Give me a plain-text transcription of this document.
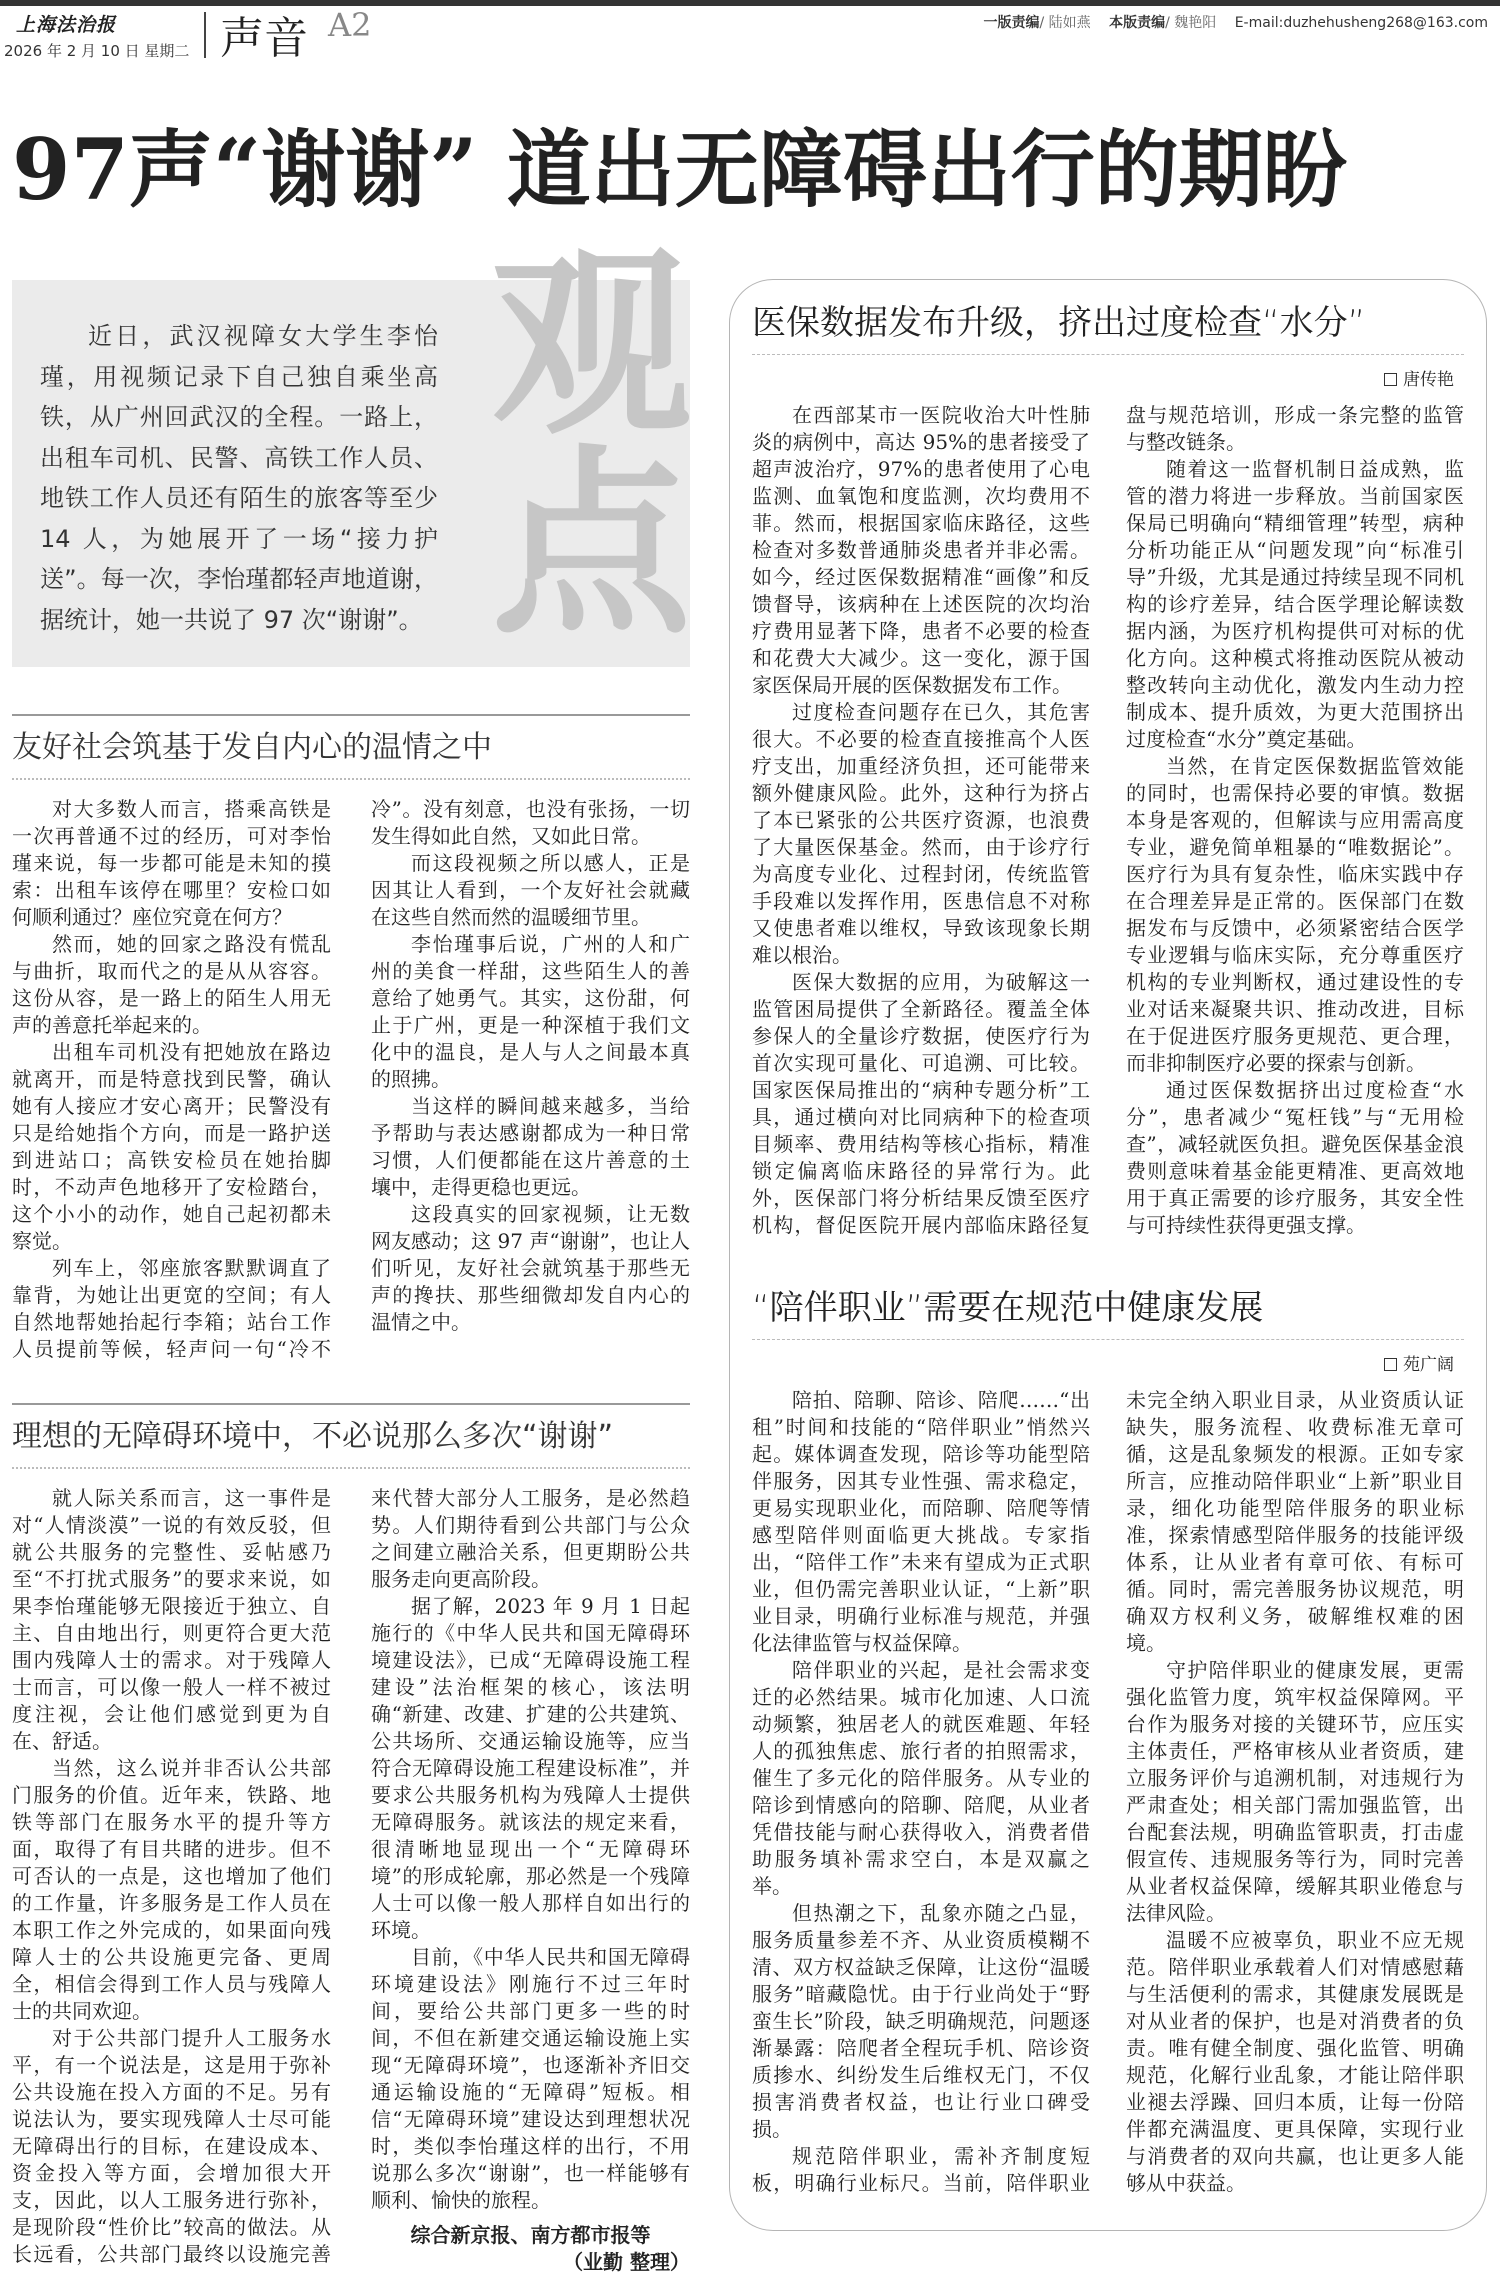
上海法治报
2026 年 2 月 10 日 星期二 声音 A2	一版责编/ 陆如燕 本版责编/ 魏艳阳 E-mail:duzhehusheng268@163.com
97声“谢谢” 道出无障碍出行的期盼
观点
近日，武汉视障女大学生李怡瑾，用视频记录下自己独自乘坐高铁，从广州回武汉的全程。一路上，出租车司机、民警、高铁工作人员、地铁工作人员还有陌生的旅客等至少 14 人，为她展开了一场“接力护送”。每一次，李怡瑾都轻声地道谢，据统计，她一共说了 97 次“谢谢”。
友好社会筑基于发自内心的温情之中

对大多数人而言，搭乘高铁是一次再普通不过的经历，可对李怡瑾来说，每一步都可能是未知的摸索：出租车该停在哪里？安检口如何顺利通过？座位究竟在何方？

然而，她的回家之路没有慌乱与曲折，取而代之的是从从容容。这份从容，是一路上的陌生人用无声的善意托举起来的。

出租车司机没有把她放在路边就离开，而是特意找到民警，确认她有人接应才安心离开；民警没有只是给她指个方向，而是一路护送到进站口；高铁安检员在她抬脚时，不动声色地移开了安检踏台，这个小小的动作，她自己起初都未察觉。

列车上，邻座旅客默默调直了靠背，为她让出更宽的空间；有人自然地帮她抬起行李箱；站台工作人员提前等候，轻声问一句“冷不冷”。没有刻意，也没有张扬，一切发生得如此自然，又如此日常。

而这段视频之所以感人，正是因其让人看到，一个友好社会就藏在这些自然而然的温暖细节里。

李怡瑾事后说，广州的人和广州的美食一样甜，这些陌生人的善意给了她勇气。其实，这份甜，何止于广州，更是一种深植于我们文化中的温良，是人与人之间最本真的照拂。

当这样的瞬间越来越多，当给予帮助与表达感谢都成为一种日常习惯，人们便都能在这片善意的土壤中，走得更稳也更远。

这段真实的回家视频，让无数网友感动；这 97 声“谢谢”，也让人们听见，友好社会就筑基于那些无声的搀扶、那些细微却发自内心的温情之中。

理想的无障碍环境中，不必说那么多次“谢谢”

就人际关系而言，这一事件是对“人情淡漠”一说的有效反驳，但就公共服务的完整性、妥帖感乃至“不打扰式服务”的要求来说，如果李怡瑾能够无限接近于独立、自主、自由地出行，则更符合更大范围内残障人士的需求。对于残障人士而言，可以像一般人一样不被过度注视，会让他们感觉到更为自在、舒适。

当然，这么说并非否认公共部门服务的价值。近年来，铁路、地铁等部门在服务水平的提升等方面，取得了有目共睹的进步。但不可否认的一点是，这也增加了他们的工作量，许多服务是工作人员在本职工作之外完成的，如果面向残障人士的公共设施更完备、更周全，相信会得到工作人员与残障人士的共同欢迎。

对于公共部门提升人工服务水平，有一个说法是，这是用于弥补公共设施在投入方面的不足。另有说法认为，要实现残障人士尽可能无障碍出行的目标，在建设成本、资金投入等方面，会增加很大开支，因此，以人工服务进行弥补，是现阶段“性价比”较高的做法。从长远看，公共部门最终以设施完善来代替大部分人工服务，是必然趋势。人们期待看到公共部门与公众之间建立融洽关系，但更期盼公共服务走向更高阶段。

据了解，2023 年 9 月 1 日起施行的《中华人民共和国无障碍环境建设法》，已成“无障碍设施工程建设”法治框架的核心，该法明确“新建、改建、扩建的公共建筑、公共场所、交通运输设施等，应当符合无障碍设施工程建设标准”，并要求公共服务机构为残障人士提供无障碍服务。就该法的规定来看，很清晰地显现出一个“无障碍环境”的形成轮廓，那必然是一个残障人士可以像一般人那样自如出行的环境。

目前，《中华人民共和国无障碍环境建设法》刚施行不过三年时间，要给公共部门更多一些的时间，不但在新建交通运输设施上实现“无障碍环境”，也逐渐补齐旧交通运输设施的“无障碍”短板。相信“无障碍环境”建设达到理想状况时，类似李怡瑾这样的出行，不用说那么多次“谢谢”，也一样能够有顺利、愉快的旅程。

综合新京报、南方都市报等

（业勤 整理）

医保数据发布升级，挤出过度检查“水分”
唐传艳

在西部某市一医院收治大叶性肺炎的病例中，高达 95%的患者接受了超声波治疗，97%的患者使用了心电监测、血氧饱和度监测，次均费用不菲。然而，根据国家临床路径，这些检查对多数普通肺炎患者并非必需。如今，经过医保数据精准“画像”和反馈督导，该病种在上述医院的次均治疗费用显著下降，患者不必要的检查和花费大大减少。这一变化，源于国家医保局开展的医保数据发布工作。

过度检查问题存在已久，其危害很大。不必要的检查直接推高个人医疗支出，加重经济负担，还可能带来额外健康风险。此外，这种行为挤占了本已紧张的公共医疗资源，也浪费了大量医保基金。然而，由于诊疗行为高度专业化、过程封闭，传统监管手段难以发挥作用，医患信息不对称又使患者难以维权，导致该现象长期难以根治。

医保大数据的应用，为破解这一监管困局提供了全新路径。覆盖全体参保人的全量诊疗数据，使医疗行为首次实现可量化、可追溯、可比较。国家医保局推出的“病种专题分析”工具，通过横向对比同病种下的检查项目频率、费用结构等核心指标，精准锁定偏离临床路径的异常行为。此外，医保部门将分析结果反馈至医疗机构，督促医院开展内部临床路径复盘与规范培训，形成一条完整的监管与整改链条。

随着这一监督机制日益成熟，监管的潜力将进一步释放。当前国家医保局已明确向“精细管理”转型，病种分析功能正从“问题发现”向“标准引导”升级，尤其是通过持续呈现不同机构的诊疗差异，结合医学理论解读数据内涵，为医疗机构提供可对标的优化方向。这种模式将推动医院从被动整改转向主动优化，激发内生动力控制成本、提升质效，为更大范围挤出过度检查“水分”奠定基础。

当然，在肯定医保数据监管效能的同时，也需保持必要的审慎。数据本身是客观的，但解读与应用需高度专业，避免简单粗暴的“唯数据论”。医疗行为具有复杂性，临床实践中存在合理差异是正常的。医保部门在数据发布与反馈中，必须紧密结合医学专业逻辑与临床实际，充分尊重医疗机构的专业判断权，通过建设性的专业对话来凝聚共识、推动改进，目标在于促进医疗服务更规范、更合理，而非抑制医疗必要的探索与创新。

通过医保数据挤出过度检查“水分”，患者减少“冤枉钱”与“无用检查”，减轻就医负担。避免医保基金浪费则意味着基金能更精准、更高效地用于真正需要的诊疗服务，其安全性与可持续性获得更强支撑。

“陪伴职业”需要在规范中健康发展
苑广阔

陪拍、陪聊、陪诊、陪爬……“出租”时间和技能的“陪伴职业”悄然兴起。媒体调查发现，陪诊等功能型陪伴服务，因其专业性强、需求稳定，更易实现职业化，而陪聊、陪爬等情感型陪伴则面临更大挑战。专家指出，“陪伴工作”未来有望成为正式职业，但仍需完善职业认证，“上新”职业目录，明确行业标准与规范，并强化法律监管与权益保障。

陪伴职业的兴起，是社会需求变迁的必然结果。城市化加速、人口流动频繁，独居老人的就医难题、年轻人的孤独焦虑、旅行者的拍照需求，催生了多元化的陪伴服务。从专业的陪诊到情感向的陪聊、陪爬，从业者凭借技能与耐心获得收入，消费者借助服务填补需求空白，本是双赢之举。

但热潮之下，乱象亦随之凸显，服务质量参差不齐、从业资质模糊不清、双方权益缺乏保障，让这份“温暖服务”暗藏隐忧。由于行业尚处于“野蛮生长”阶段，缺乏明确规范，问题逐渐暴露：陪爬者全程玩手机、陪诊资质掺水、纠纷发生后维权无门，不仅损害消费者权益，也让行业口碑受损。

规范陪伴职业，需补齐制度短板，明确行业标尺。当前，陪伴职业未完全纳入职业目录，从业资质认证缺失，服务流程、收费标准无章可循，这是乱象频发的根源。正如专家所言，应推动陪伴职业“上新”职业目录，细化功能型陪伴服务的职业标准，探索情感型陪伴服务的技能评级体系，让从业者有章可依、有标可循。同时，需完善服务协议规范，明确双方权利义务，破解维权难的困境。

守护陪伴职业的健康发展，更需强化监管力度，筑牢权益保障网。平台作为服务对接的关键环节，应压实主体责任，严格审核从业者资质，建立服务评价与追溯机制，对违规行为严肃查处；相关部门需加强监管，出台配套法规，明确监管职责，打击虚假宣传、违规服务等行为，同时完善从业者权益保障，缓解其职业倦怠与法律风险。

温暖不应被辜负，职业不应无规范。陪伴职业承载着人们对情感慰藉与生活便利的需求，其健康发展既是对从业者的保护，也是对消费者的负责。唯有健全制度、强化监管、明确规范，化解行业乱象，才能让陪伴职业褪去浮躁、回归本质，让每一份陪伴都充满温度、更具保障，实现行业与消费者的双向共赢，也让更多人能够从中获益。
